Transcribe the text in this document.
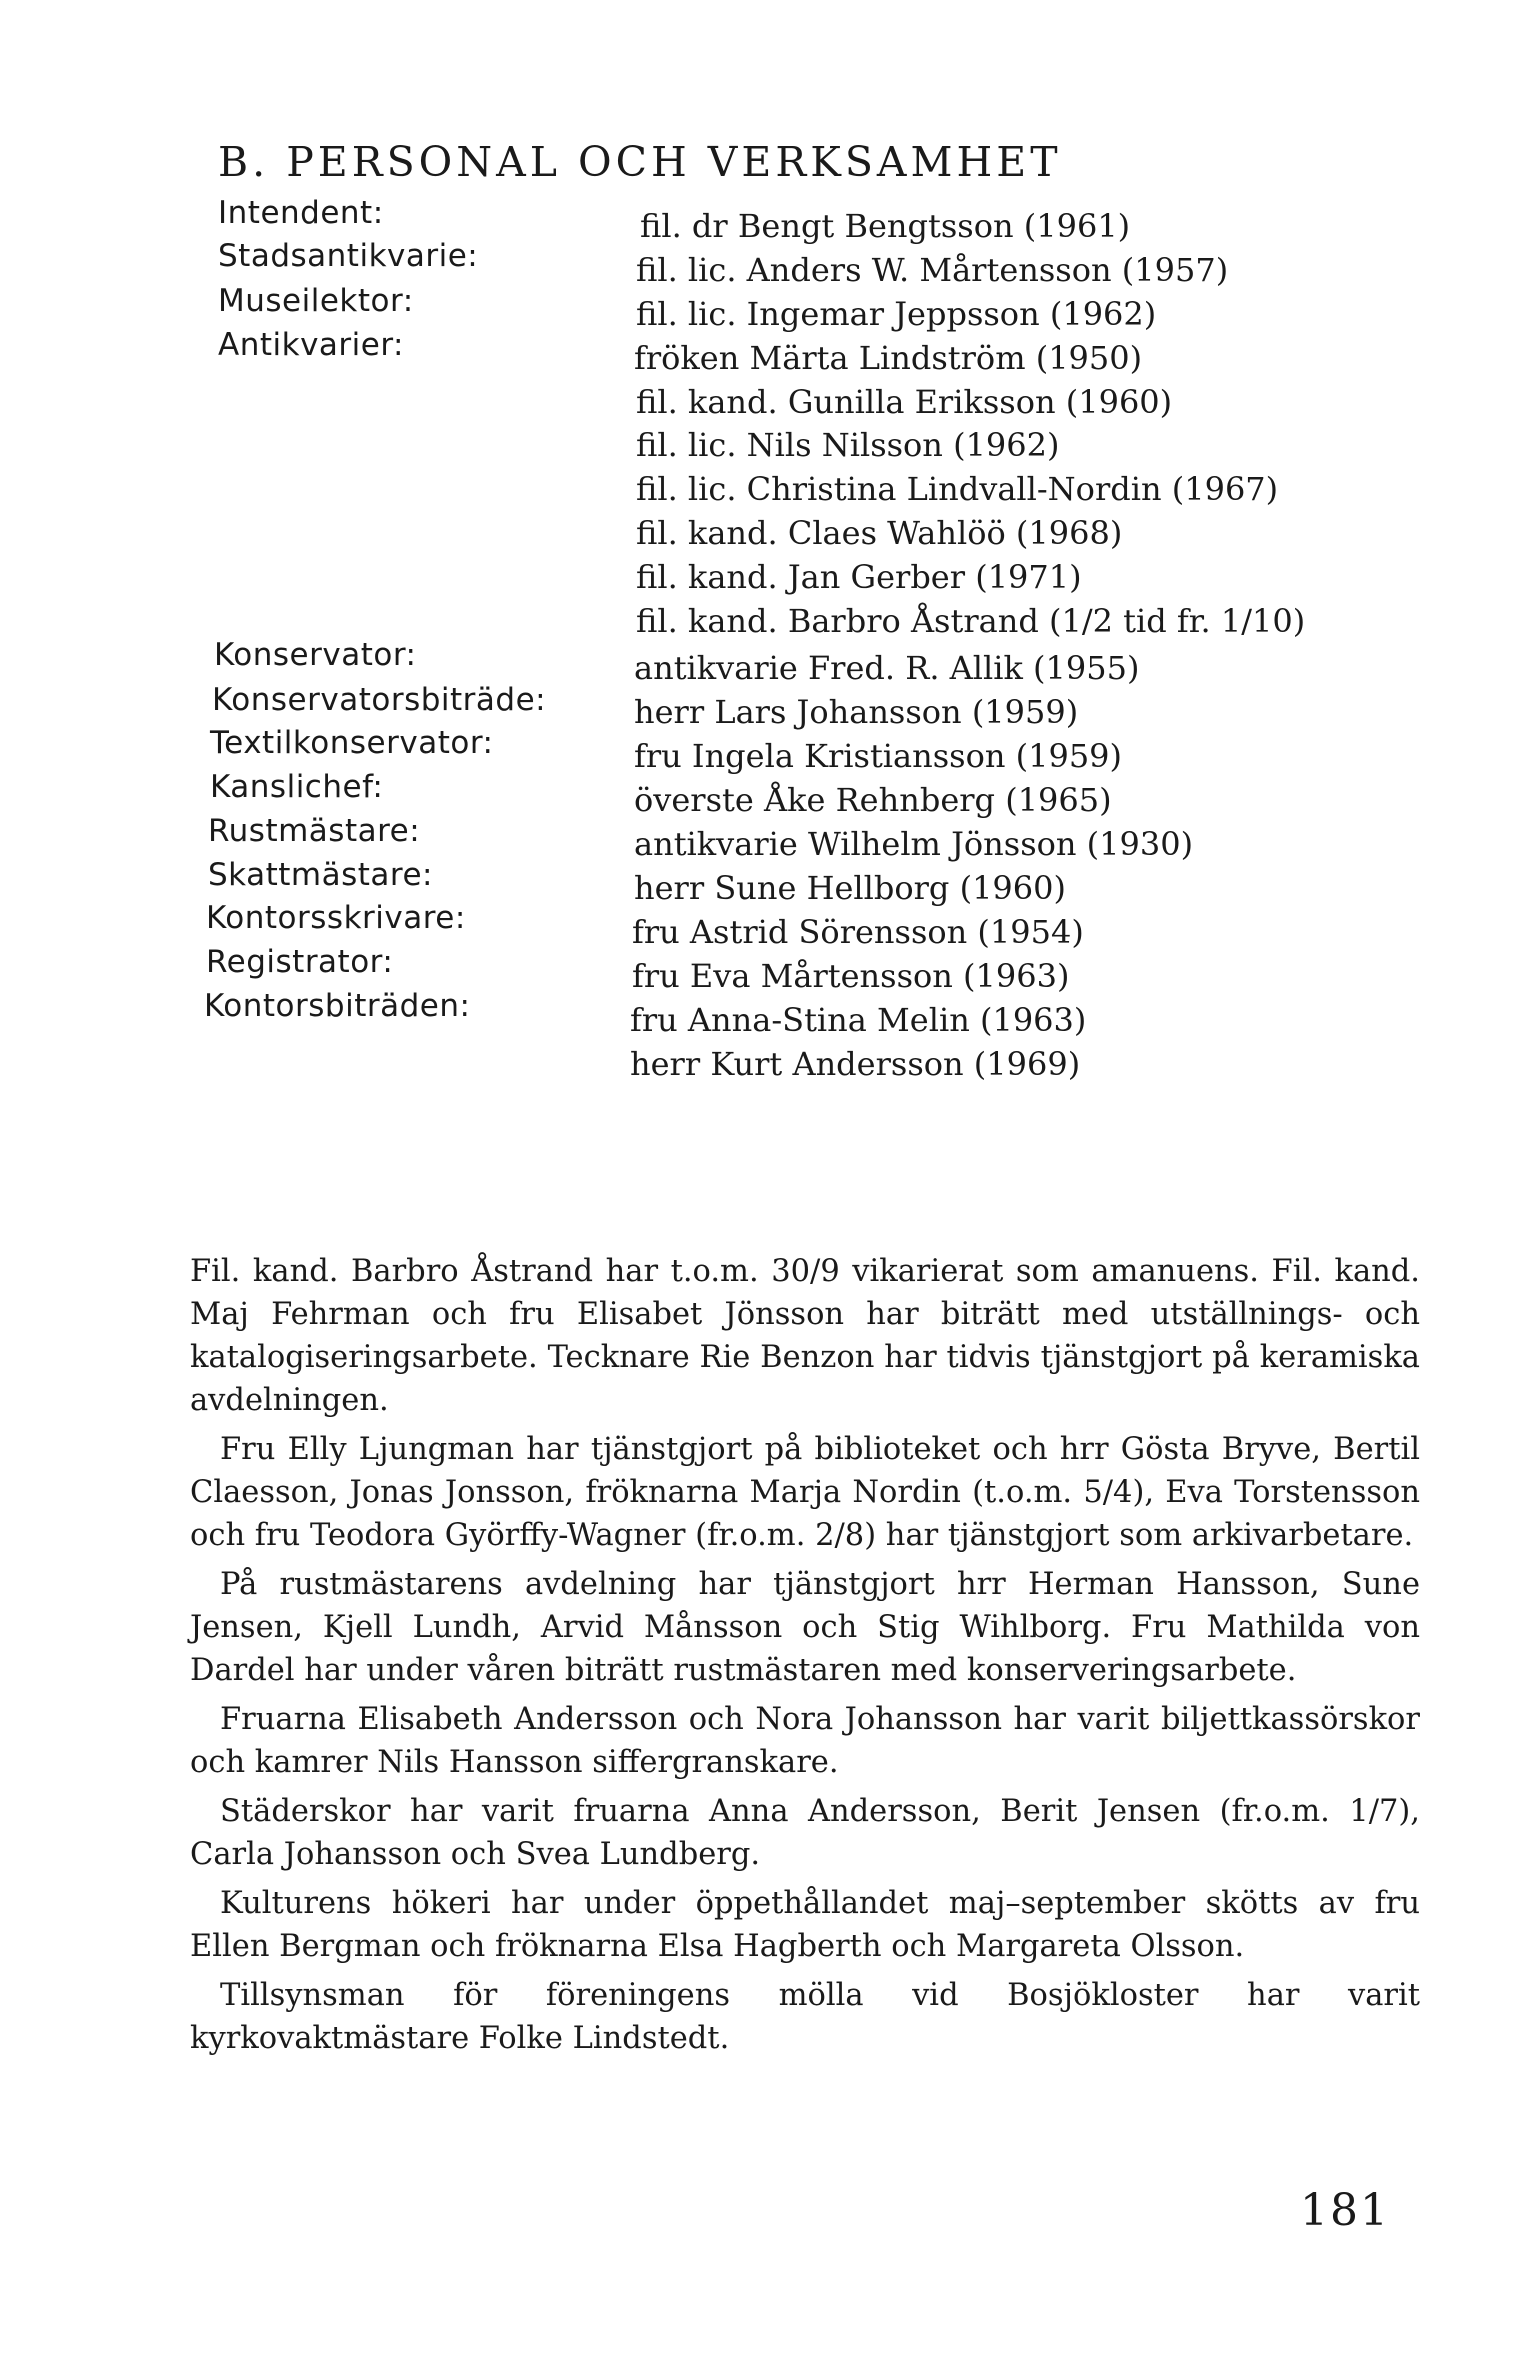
B. PERSONAL OCH VERKSAMHET
Intendent:	fil. dr Bengt Bengtsson (1961)
Stadsantikvarie:	fil. lic. Anders W. Mårtensson (1957)
Museilektor:	fil. lic. Ingemar Jeppsson (1962)
Antikvarier:	fröken Märta Lindström (1950)
fil. kand. Gunilla Eriksson (1960)
fil. lic. Nils Nilsson (1962)
fil. lic. Christina Lindvall-Nordin (1967)
fil. kand. Claes Wahlöö (1968)
fil. kand. Jan Gerber (1971)
fil. kand. Barbro Åstrand (1/2 tid fr. 1/10)
Konservator:	antikvarie Fred. R. Allik (1955)
Konservatorsbiträde:	herr Lars Johansson (1959)
Textilkonservator:	fru Ingela Kristiansson (1959)
Kanslichef:	överste Åke Rehnberg (1965)
Rustmästare:	antikvarie Wilhelm Jönsson (1930)
Skattmästare:	herr Sune Hellborg (1960)
Kontorsskrivare:	fru Astrid Sörensson (1954)
Registrator:	fru Eva Mårtensson (1963)
Kontorsbiträden:	fru Anna-Stina Melin (1963)
herr Kurt Andersson (1969)

Fil. kand. Barbro Åstrand har t.o.m. 30/9 vikarierat som amanuens. Fil. kand. Maj Fehrman och fru Elisabet Jönsson har biträtt med utställnings- och katalogiseringsarbete. Tecknare Rie Benzon har tidvis tjänstgjort på keramiska avdelningen.

Fru Elly Ljungman har tjänstgjort på biblioteket och hrr Gösta Bryve, Bertil Claesson, Jonas Jonsson, fröknarna Marja Nordin (t.o.m. 5/4), Eva Torstensson och fru Teodora Györffy-Wagner (fr.o.m. 2/8) har tjänstgjort som arkivarbetare.

På rustmästarens avdelning har tjänstgjort hrr Herman Hansson, Sune Jensen, Kjell Lundh, Arvid Månsson och Stig Wihlborg. Fru Mathilda von Dardel har under våren biträtt rustmästaren med konserveringsarbete.

Fruarna Elisabeth Andersson och Nora Johansson har varit biljettkassörskor och kamrer Nils Hansson siffergranskare.

Städerskor har varit fruarna Anna Andersson, Berit Jensen (fr.o.m. 1/7), Carla Johansson och Svea Lundberg.

Kulturens hökeri har under öppethållandet maj–september skötts av fru Ellen Bergman och fröknarna Elsa Hagberth och Margareta Olsson.

Tillsynsman för föreningens mölla vid Bosjökloster har varit kyrkovaktmästare Folke Lindstedt.

181
